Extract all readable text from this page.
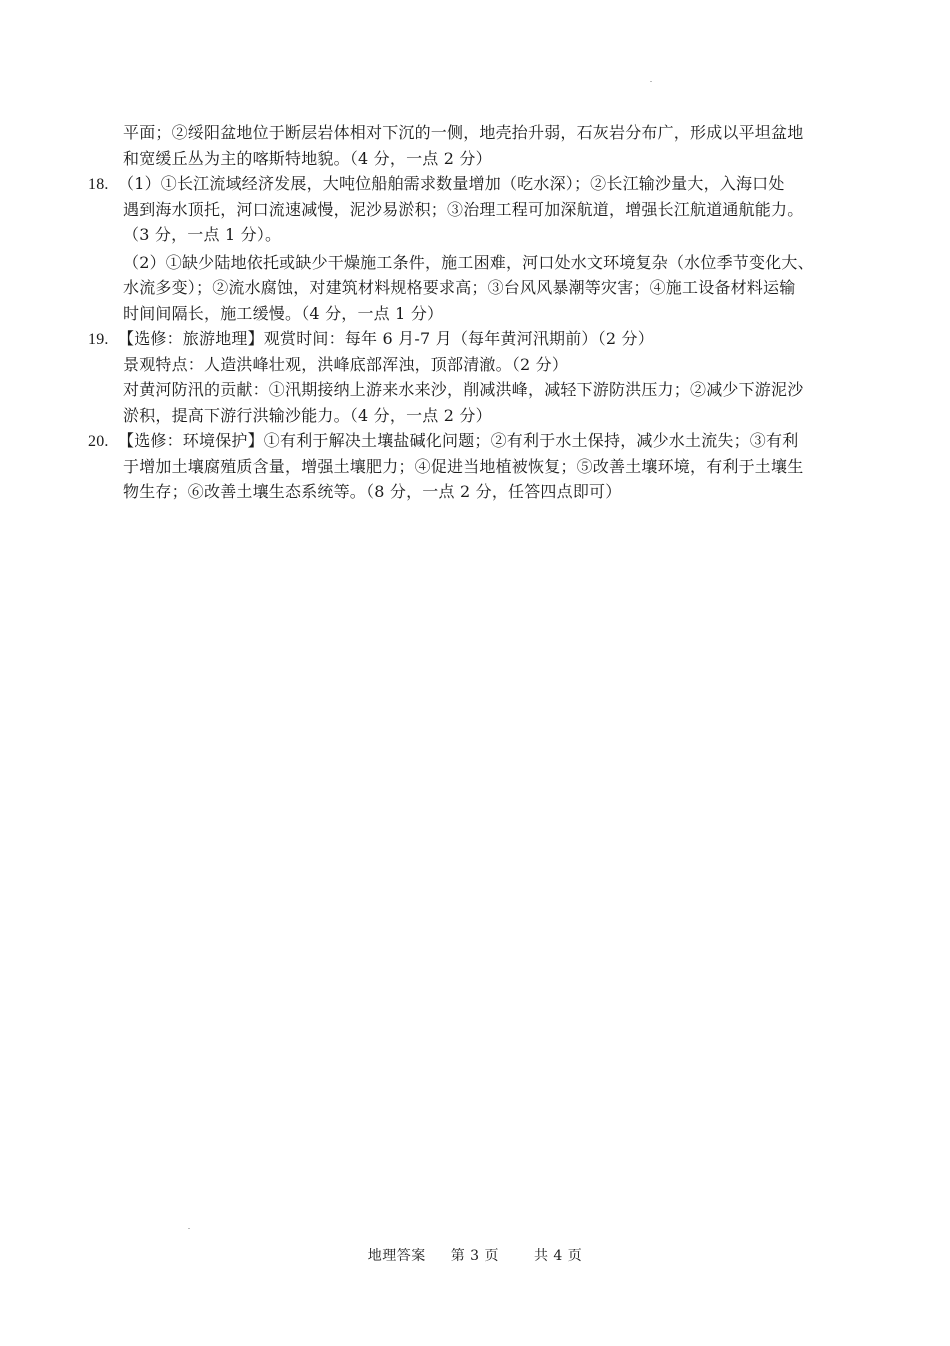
平面；②绥阳盆地位于断层岩体相对下沉的一侧，地壳抬升弱，石灰岩分布广，形成以平坦盆地
和宽缓丘丛为主的喀斯特地貌。（4 分，一点 2 分）
18. （1）①长江流域经济发展，大吨位船舶需求数量增加（吃水深）；②长江输沙量大，入海口处
遇到海水顶托，河口流速减慢，泥沙易淤积；③治理工程可加深航道，增强长江航道通航能力。
（3 分，一点 1 分）。
（2）①缺少陆地依托或缺少干燥施工条件，施工困难，河口处水文环境复杂（水位季节变化大、
水流多变）；②流水腐蚀，对建筑材料规格要求高；③台风风暴潮等灾害；④施工设备材料运输
时间间隔长，施工缓慢。（4 分，一点 1 分）
19. 【选修：旅游地理】观赏时间：每年 6 月-7 月（每年黄河汛期前）（2 分）
景观特点：人造洪峰壮观，洪峰底部浑浊，顶部清澈。（2 分）
对黄河防汛的贡献：①汛期接纳上游来水来沙，削减洪峰，减轻下游防洪压力；②减少下游泥沙
淤积，提高下游行洪输沙能力。（4 分，一点 2 分）
20. 【选修：环境保护】①有利于解决土壤盐碱化问题；②有利于水土保持，减少水土流失；③有利
于增加土壤腐殖质含量，增强土壤肥力；④促进当地植被恢复；⑤改善土壤环境，有利于土壤生
物生存；⑥改善土壤生态系统等。（8 分，一点 2 分，任答四点即可）
地理答案 第 3 页 共 4 页
